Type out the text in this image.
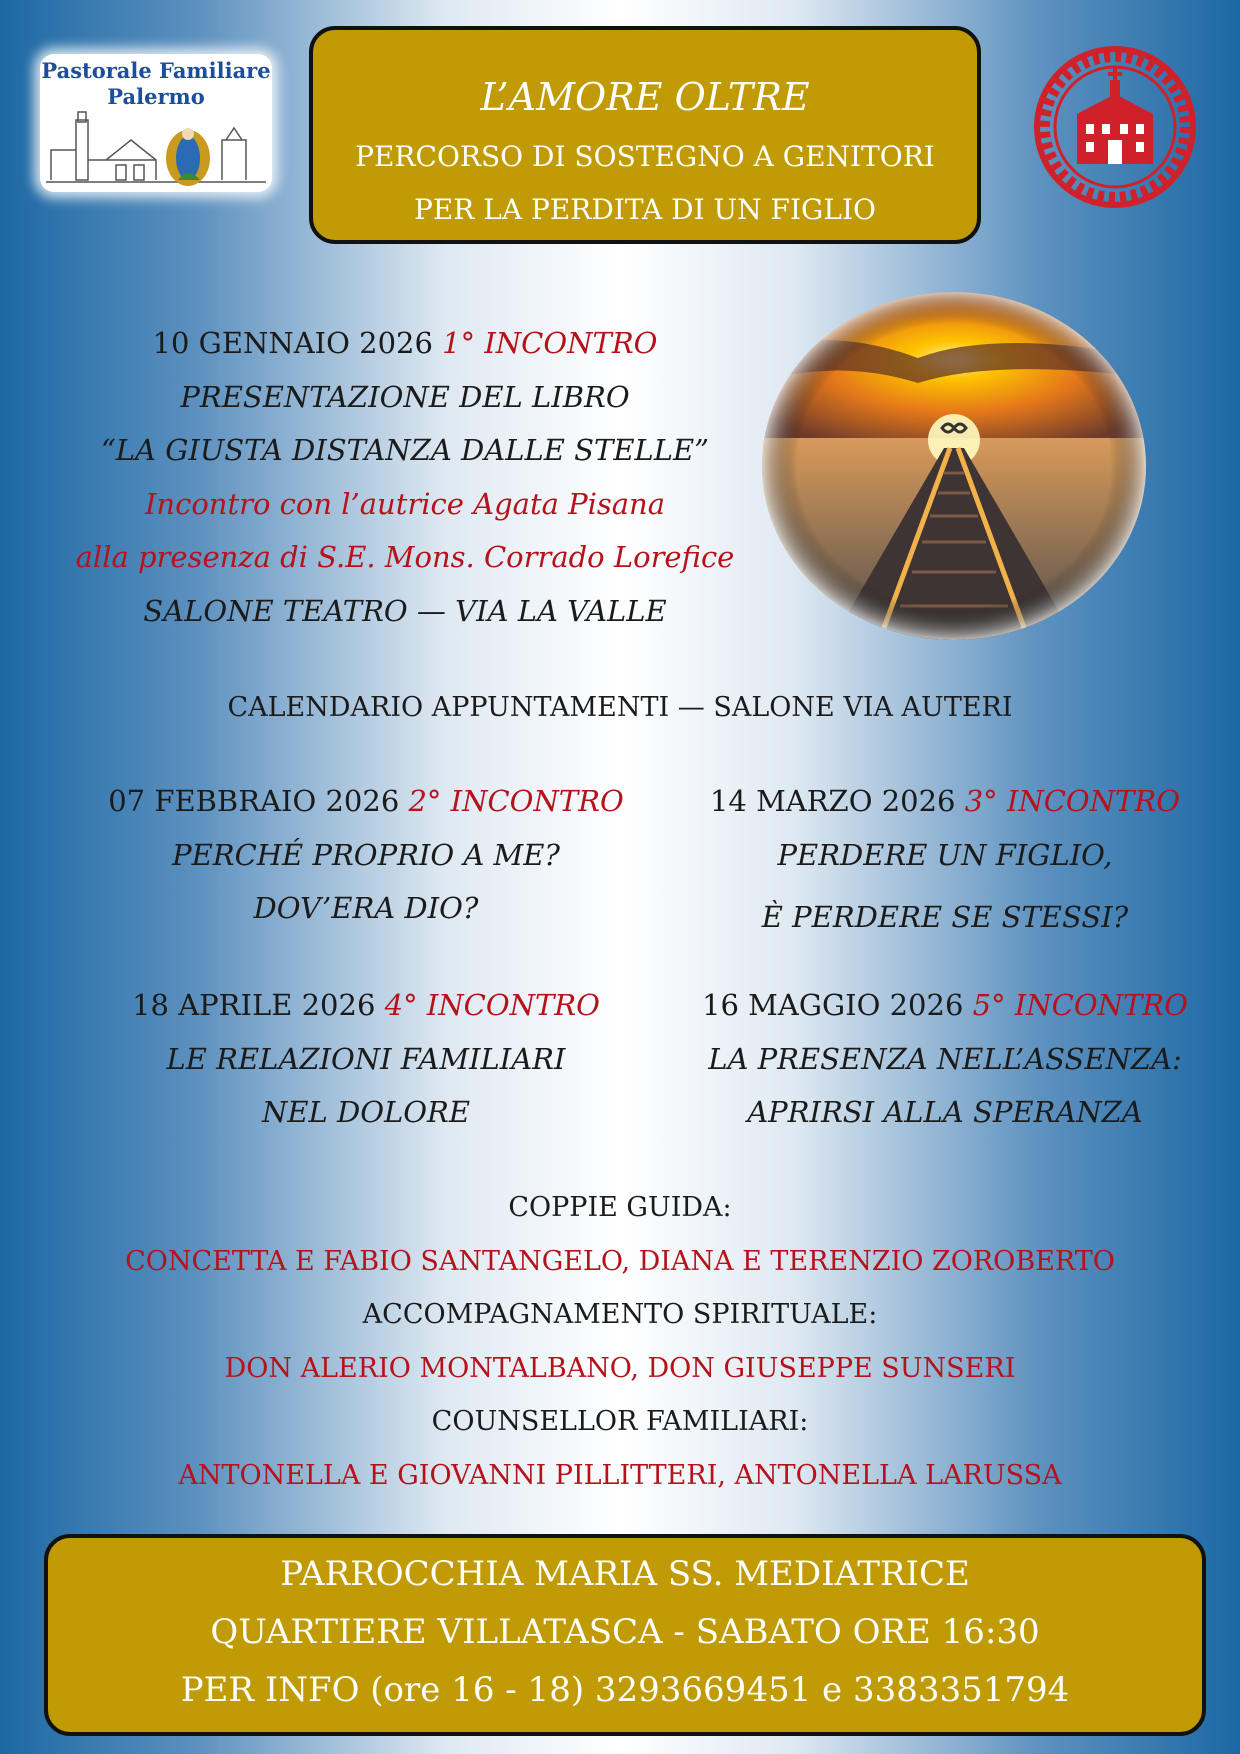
Pastorale Familiare
Palermo	L’AMORE OLTRE
PERCORSO DI SOSTEGNO A GENITORI
PER LA PERDITA DI UN FIGLIO
10 GENNAIO 2026 1° INCONTRO
PRESENTAZIONE DEL LIBRO
“LA GIUSTA DISTANZA DALLE STELLE”
Incontro con l’autrice Agata Pisana
alla presenza di S.E. Mons. Corrado Lorefice
SALONE TEATRO — VIA LA VALLE
CALENDARIO APPUNTAMENTI — SALONE VIA AUTERI
07 FEBBRAIO 2026 2° INCONTRO
PERCHÉ PROPRIO A ME?
DOV’ERA DIO?
14 MARZO 2026 3° INCONTRO
PERDERE UN FIGLIO,
È PERDERE SE STESSI?
18 APRILE 2026 4° INCONTRO
LE RELAZIONI FAMILIARI
NEL DOLORE
16 MAGGIO 2026 5° INCONTRO
LA PRESENZA NELL’ASSENZA:
APRIRSI ALLA SPERANZA
COPPIE GUIDA:
CONCETTA E FABIO SANTANGELO, DIANA E TERENZIO ZOROBERTO
ACCOMPAGNAMENTO SPIRITUALE:
DON ALERIO MONTALBANO, DON GIUSEPPE SUNSERI
COUNSELLOR FAMILIARI:
ANTONELLA E GIOVANNI PILLITTERI, ANTONELLA LARUSSA
PARROCCHIA MARIA SS. MEDIATRICE
QUARTIERE VILLATASCA - SABATO ORE 16:30
PER INFO (ore 16 - 18) 3293669451 e 3383351794
